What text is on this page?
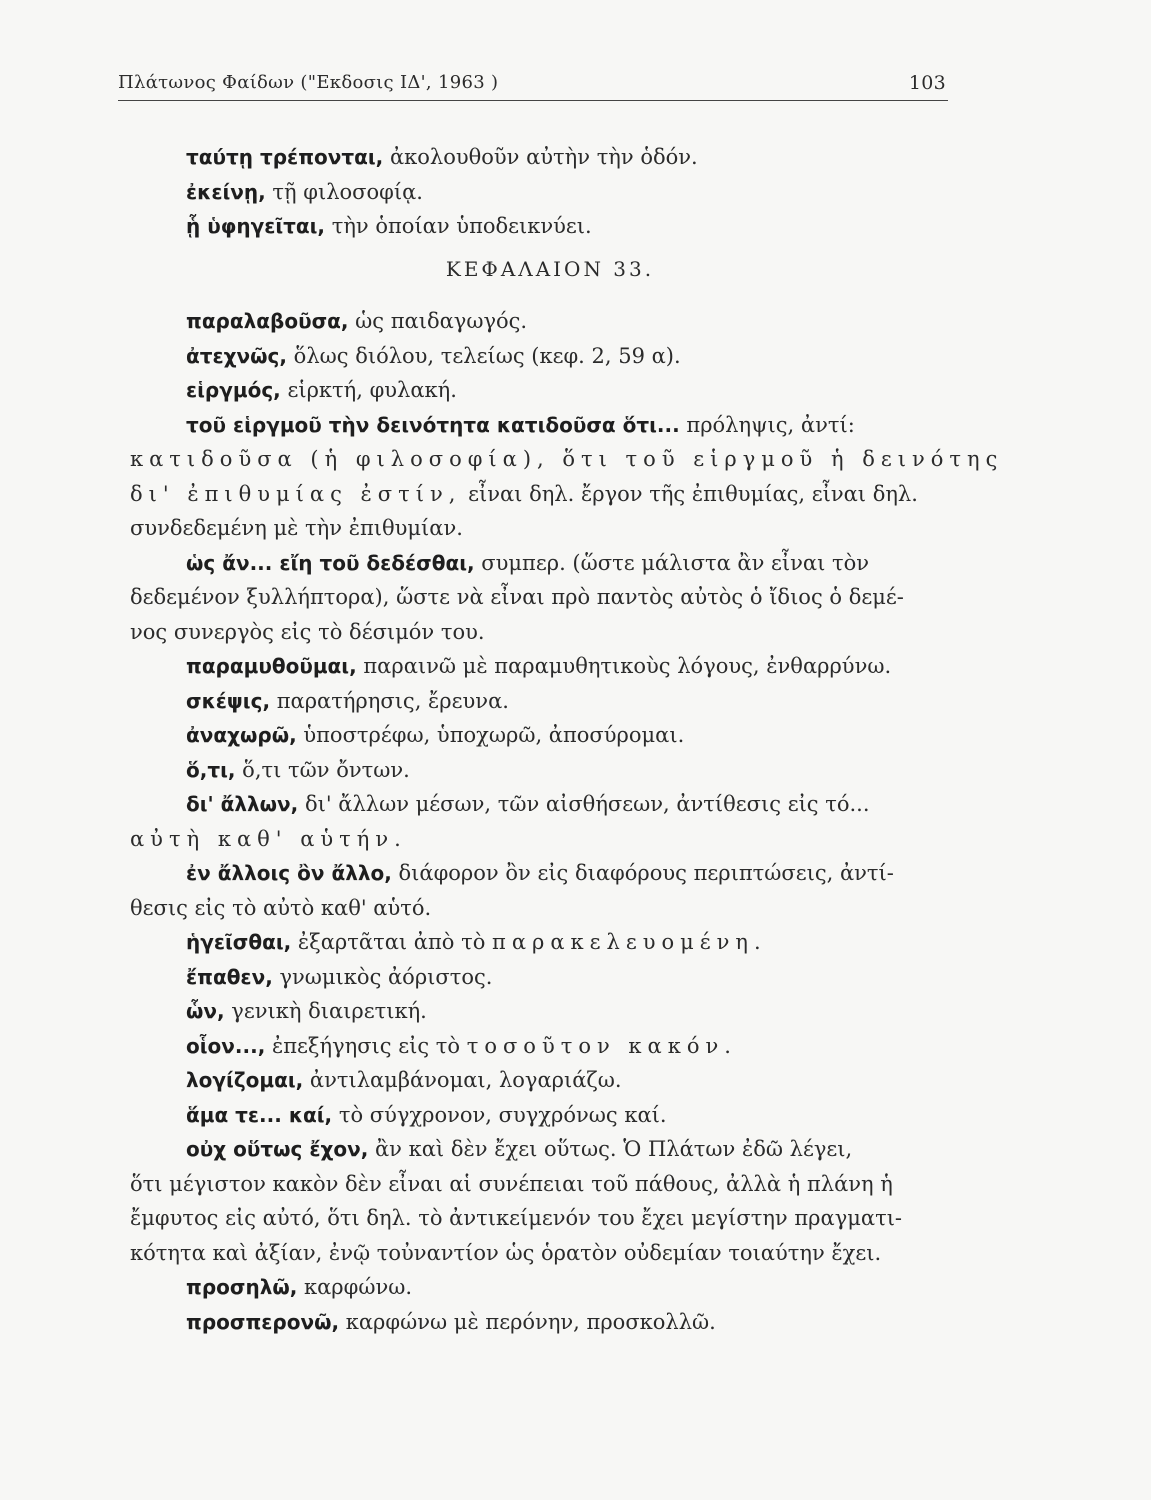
Πλάτωνος Φαίδων ("Εκδοσις ΙΔ', 1963 )	103

ταύτῃ τρέπονται, ἀκολουθοῦν αὐτὴν τὴν ὁδόν.

ἐκείνῃ, τῇ φιλοσοφίᾳ.

ᾗ ὑφηγεῖται, τὴν ὁποίαν ὑποδεικνύει.

ΚΕΦΑΛΑΙΟΝ 33.

παραλαβοῦσα, ὡς παιδαγωγός.

ἀτεχνῶς, ὅλως διόλου, τελείως (κεφ. 2, 59 α).

εἱργμός, εἱρκτή, φυλακή.

τοῦ εἱργμοῦ τὴν δεινότητα κατιδοῦσα ὅτι... πρόληψις, ἀντί:

κατιδοῦσα (ἡ φιλοσοφία), ὅτι τοῦ εἱργμοῦ ἡ δεινότης

δι' ἐπιθυμίας ἐστίν, εἶναι δηλ. ἔργον τῆς ἐπιθυμίας, εἶναι δηλ.

συνδεδεμένη μὲ τὴν ἐπιθυμίαν.

ὡς ἄν... εἴη τοῦ δεδέσθαι, συμπερ. (ὥστε μάλιστα ἂν εἶναι τὸν

δεδεμένον ξυλλήπτορα), ὥστε νὰ εἶναι πρὸ παντὸς αὐτὸς ὁ ἴδιος ὁ δεμέ-

νος συνεργὸς εἰς τὸ δέσιμόν του.

παραμυθοῦμαι, παραινῶ μὲ παραμυθητικοὺς λόγους, ἐνθαρρύνω.

σκέψις, παρατήρησις, ἔρευνα.

ἀναχωρῶ, ὑποστρέφω, ὑποχωρῶ, ἀποσύρομαι.

ὅ,τι, ὅ,τι τῶν ὄντων.

δι' ἄλλων, δι' ἄλλων μέσων, τῶν αἰσθήσεων, ἀντίθεσις εἰς τό...

αὐτὴ καθ' αὑτήν.

ἐν ἄλλοις ὂν ἄλλο, διάφορον ὂν εἰς διαφόρους περιπτώσεις, ἀντί-

θεσις εἰς τὸ αὐτὸ καθ' αὑτό.

ἡγεῖσθαι, ἐξαρτᾶται ἀπὸ τὸ παρακελευομένη.

ἔπαθεν, γνωμικὸς ἀόριστος.

ὧν, γενικὴ διαιρετική.

οἷον..., ἐπεξήγησις εἰς τὸ τοσοῦτον κακόν.

λογίζομαι, ἀντιλαμβάνομαι, λογαριάζω.

ἅμα τε... καί, τὸ σύγχρονον, συγχρόνως καί.

οὐχ οὕτως ἔχον, ἂν καὶ δὲν ἔχει οὕτως. Ὁ Πλάτων ἐδῶ λέγει,

ὅτι μέγιστον κακὸν δὲν εἶναι αἱ συνέπειαι τοῦ πάθους, ἀλλὰ ἡ πλάνη ἡ

ἔμφυτος εἰς αὐτό, ὅτι δηλ. τὸ ἀντικείμενόν του ἔχει μεγίστην πραγματι-

κότητα καὶ ἀξίαν, ἐνῷ τοὐναντίον ὡς ὁρατὸν οὐδεμίαν τοιαύτην ἔχει.

προσηλῶ, καρφώνω.

προσπερονῶ, καρφώνω μὲ περόνην, προσκολλῶ.
